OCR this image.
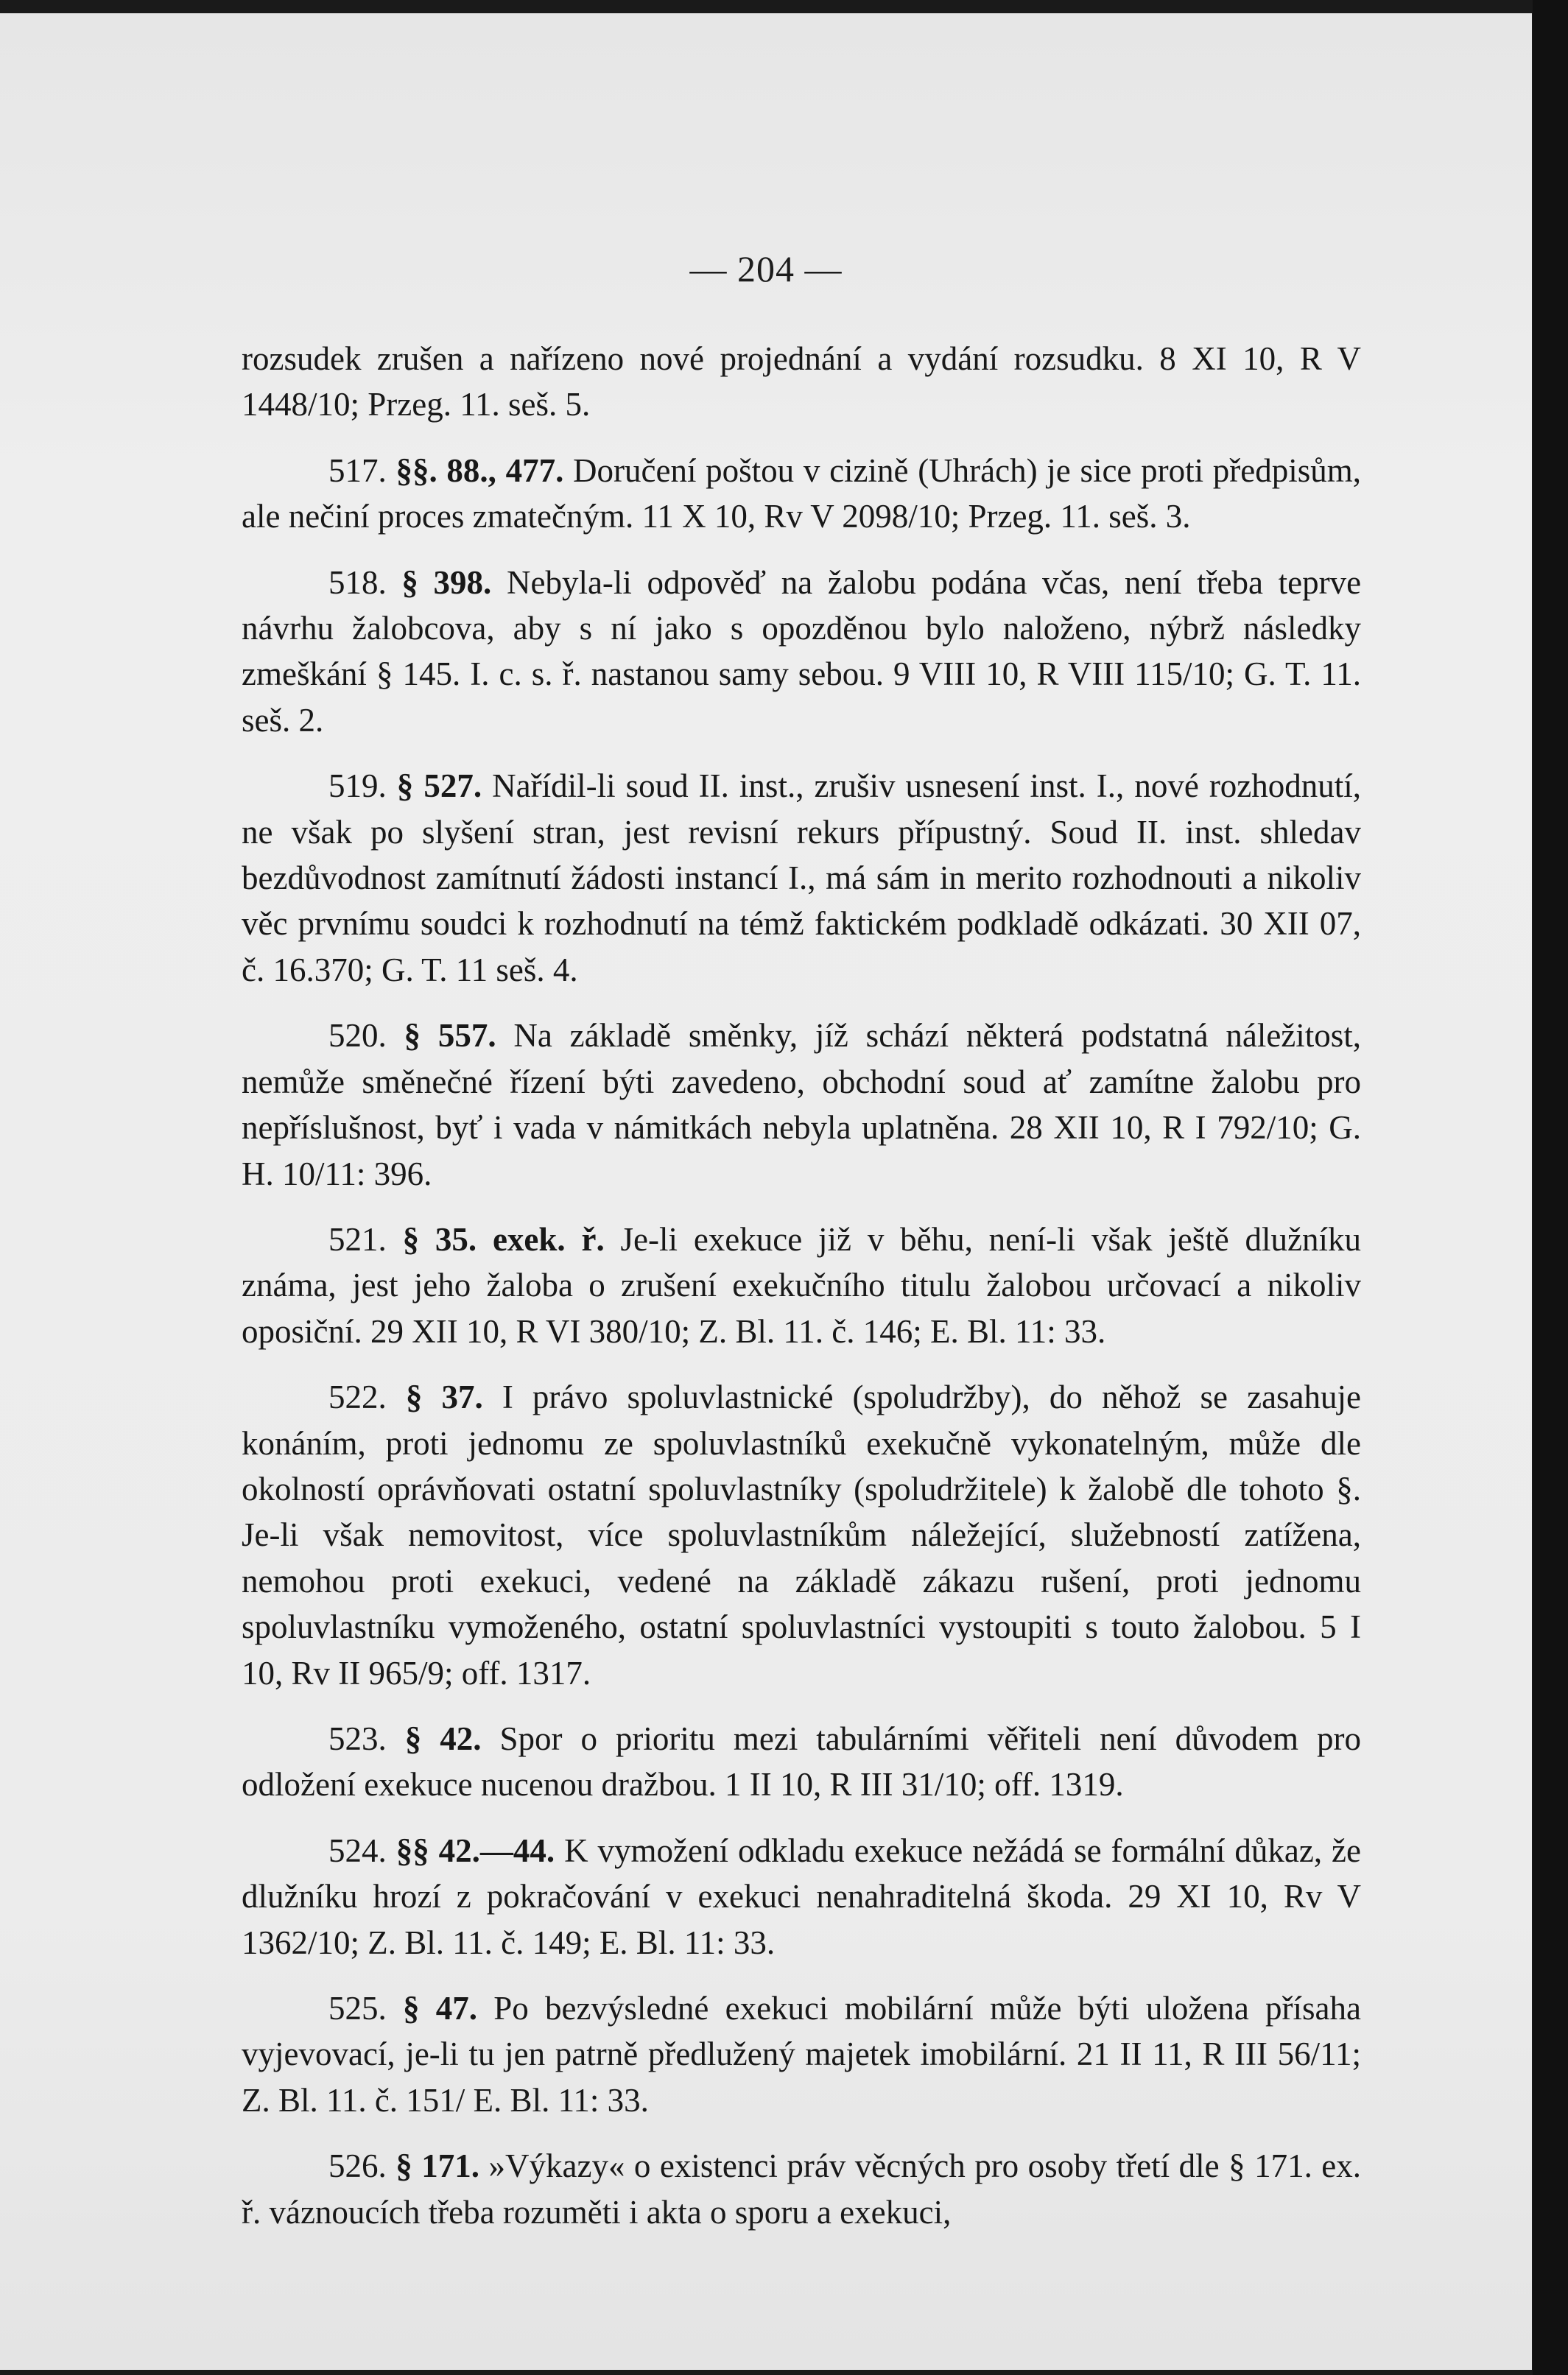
— 204 —

rozsudek zrušen a nařízeno nové projednání a vydání rozsudku. 8 XI 10, R V 1448/10; Przeg. 11. seš. 5.

517. §§. 88., 477. Doručení poštou v cizině (Uhrách) je sice proti předpisům, ale nečiní proces zmatečným. 11 X 10, Rv V 2098/10; Przeg. 11. seš. 3.

518. § 398. Nebyla-li odpověď na žalobu podána včas, není třeba teprve návrhu žalobcova, aby s ní jako s opozděnou bylo naloženo, nýbrž následky zmeškání § 145. I. c. s. ř. nastanou samy sebou. 9 VIII 10, R VIII 115/10; G. T. 11. seš. 2.

519. § 527. Nařídil-li soud II. inst., zrušiv usnesení inst. I., nové rozhodnutí, ne však po slyšení stran, jest revisní rekurs přípustný. Soud II. inst. shledav bezdůvodnost zamítnutí žádosti instancí I., má sám in merito rozhodnouti a nikoliv věc prvnímu soudci k rozhodnutí na témž faktickém podkladě odkázati. 30 XII 07, č. 16.370; G. T. 11 seš. 4.

520. § 557. Na základě směnky, jíž schází některá podstatná náležitost, nemůže směnečné řízení býti zavedeno, obchodní soud ať zamítne žalobu pro nepříslušnost, byť i vada v námitkách nebyla uplatněna. 28 XII 10, R I 792/10; G. H. 10/11: 396.

521. § 35. exek. ř. Je-li exekuce již v běhu, není-li však ještě dlužníku známa, jest jeho žaloba o zrušení exekučního titulu žalobou určovací a nikoliv oposiční. 29 XII 10, R VI 380/10; Z. Bl. 11. č. 146; E. Bl. 11: 33.

522. § 37. I právo spoluvlastnické (spoludržby), do něhož se zasahuje konáním, proti jednomu ze spoluvlastníků exekučně vykonatelným, může dle okolností oprávňovati ostatní spoluvlastníky (spoludržitele) k žalobě dle tohoto §. Je-li však nemovitost, více spoluvlastníkům náležející, služebností zatížena, nemohou proti exekuci, vedené na základě zákazu rušení, proti jednomu spoluvlastníku vymoženého, ostatní spoluvlastníci vystoupiti s touto žalobou. 5 I 10, Rv II 965/9; off. 1317.

523. § 42. Spor o prioritu mezi tabulárními věřiteli není důvodem pro odložení exekuce nucenou dražbou. 1 II 10, R III 31/10; off. 1319.

524. §§ 42.—44. K vymožení odkladu exekuce nežádá se formální důkaz, že dlužníku hrozí z pokračování v exekuci nenahraditelná škoda. 29 XI 10, Rv V 1362/10; Z. Bl. 11. č. 149; E. Bl. 11: 33.

525. § 47. Po bezvýsledné exekuci mobilární může býti uložena přísaha vyjevovací, je-li tu jen patrně předlužený majetek imobilární. 21 II 11, R III 56/11; Z. Bl. 11. č. 151/ E. Bl. 11: 33.

526. § 171. »Výkazy« o existenci práv věcných pro osoby třetí dle § 171. ex. ř. váznoucích třeba rozuměti i akta o sporu a exekuci,
